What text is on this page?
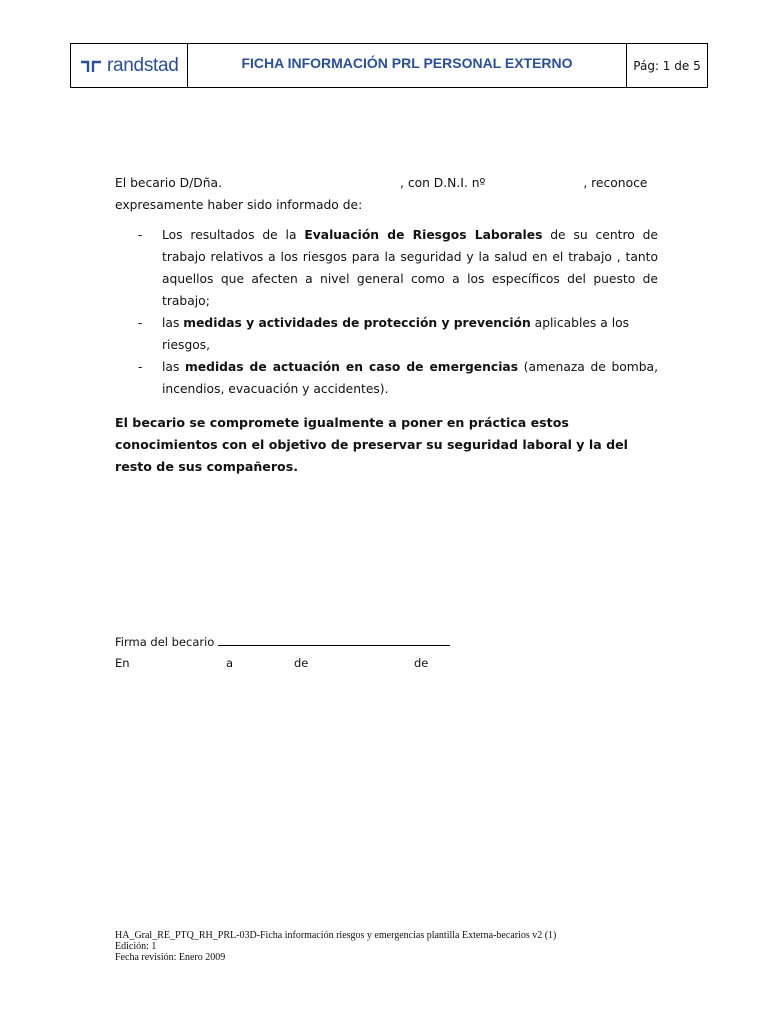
randstad	FICHA INFORMACIÓN PRL PERSONAL EXTERNO	Pág: 1 de 5
El becario D/Dña.	, con D.N.I. nº	, reconoce
expresamente haber sido informado de:
-	Los resultados de la Evaluación de Riesgos Laborales de su centro de trabajo relativos a los riesgos para la seguridad y la salud en el trabajo , tanto aquellos que afecten a nivel general como a los específicos del puesto de trabajo;
-	las medidas y actividades de protección y prevención aplicables a los riesgos,
-	las medidas de actuación en caso de emergencias (amenaza de bomba, incendios, evacuación y accidentes).
El becario se compromete igualmente a poner en práctica estos conocimientos con el objetivo de preservar su seguridad laboral y la del resto de sus compañeros.
Firma del becario
En	a	de	de
HA_Gral_RE_PTQ_RH_PRL-03D-Ficha información riesgos y emergencias plantilla Externa-becarios v2 (1)
Edición: 1
Fecha revisión: Enero 2009
